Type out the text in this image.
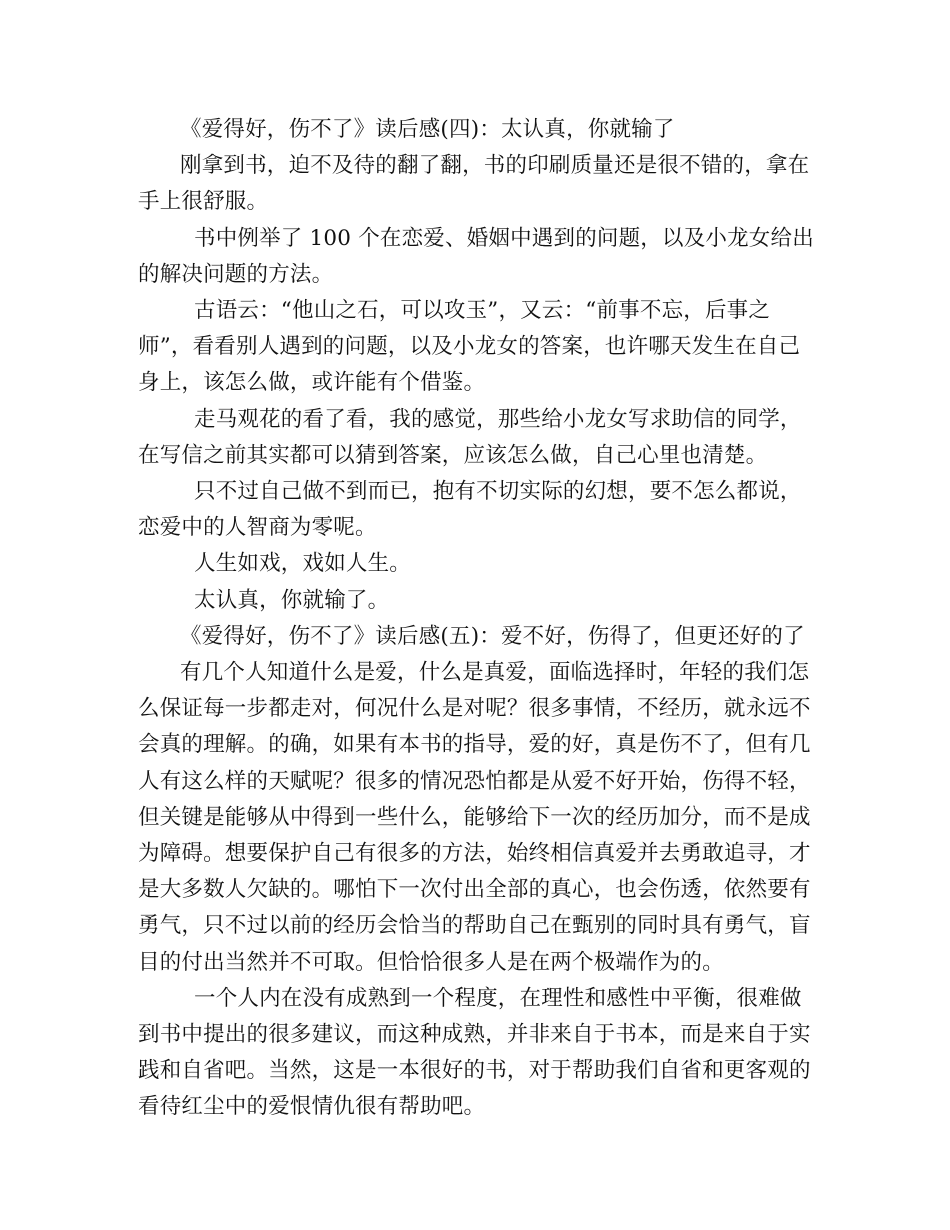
《爱得好，伤不了》读后感(四)：太认真，你就输了
刚拿到书，迫不及待的翻了翻，书的印刷质量还是很不错的，拿在
手上很舒服。
书中例举了 100 个在恋爱、婚姻中遇到的问题，以及小龙女给出
的解决问题的方法。
古语云：“他山之石，可以攻玉”，又云：“前事不忘，后事之
师”，看看别人遇到的问题，以及小龙女的答案，也许哪天发生在自己
身上，该怎么做，或许能有个借鉴。
走马观花的看了看，我的感觉，那些给小龙女写求助信的同学，
在写信之前其实都可以猜到答案，应该怎么做，自己心里也清楚。
只不过自己做不到而已，抱有不切实际的幻想，要不怎么都说，
恋爱中的人智商为零呢。
人生如戏，戏如人生。
太认真，你就输了。
《爱得好，伤不了》读后感(五)：爱不好，伤得了，但更还好的了
有几个人知道什么是爱，什么是真爱，面临选择时，年轻的我们怎
么保证每一步都走对，何况什么是对呢？很多事情，不经历，就永远不
会真的理解。的确，如果有本书的指导，爱的好，真是伤不了，但有几
人有这么样的天赋呢？很多的情况恐怕都是从爱不好开始，伤得不轻，
但关键是能够从中得到一些什么，能够给下一次的经历加分，而不是成
为障碍。想要保护自己有很多的方法，始终相信真爱并去勇敢追寻，才
是大多数人欠缺的。哪怕下一次付出全部的真心，也会伤透，依然要有
勇气，只不过以前的经历会恰当的帮助自己在甄别的同时具有勇气，盲
目的付出当然并不可取。但恰恰很多人是在两个极端作为的。
一个人内在没有成熟到一个程度，在理性和感性中平衡，很难做
到书中提出的很多建议，而这种成熟，并非来自于书本，而是来自于实
践和自省吧。当然，这是一本很好的书，对于帮助我们自省和更客观的
看待红尘中的爱恨情仇很有帮助吧。
